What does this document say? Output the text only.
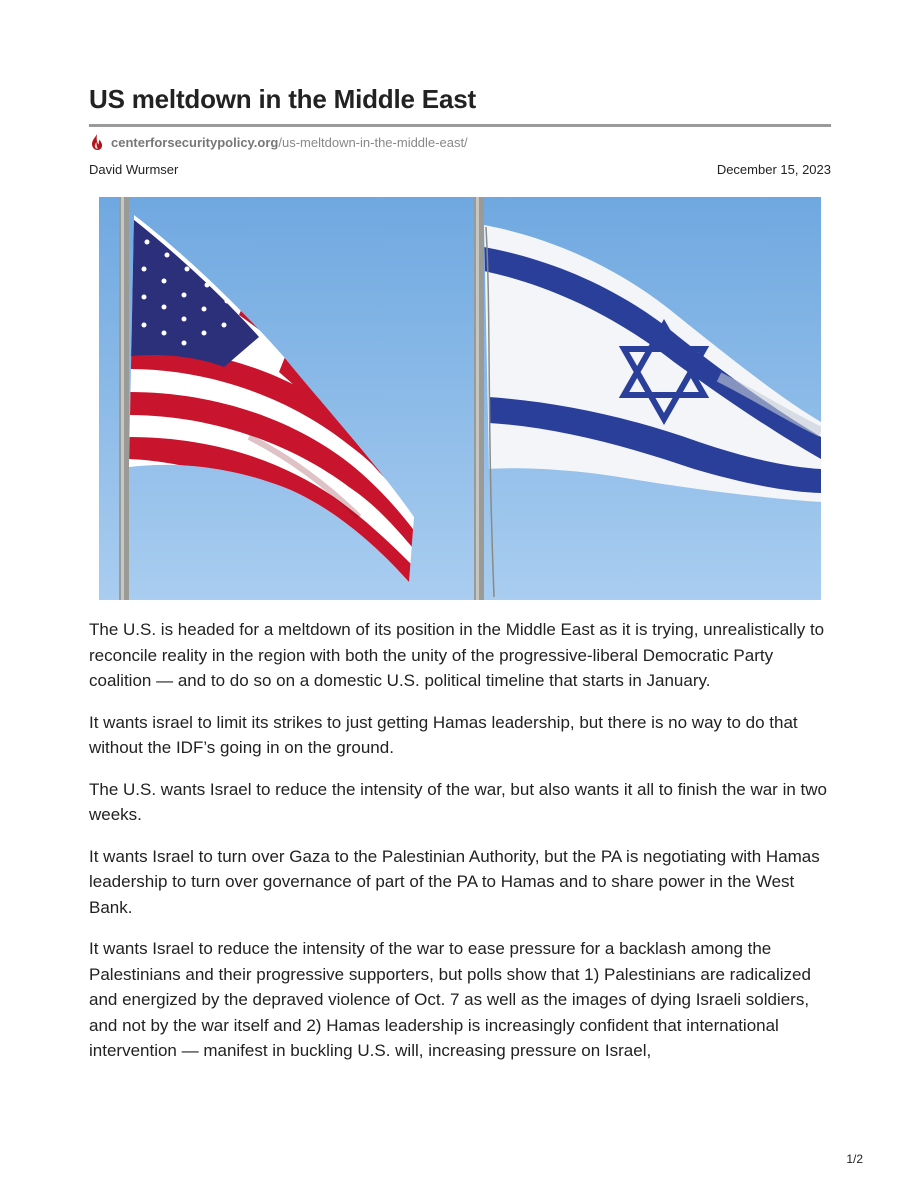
US meltdown in the Middle East
centerforsecuritypolicy.org /us-meltdown-in-the-middle-east/
David Wurmser	December 15, 2023

The U.S. is headed for a meltdown of its position in the Middle East as it is trying, unrealistically to reconcile reality in the region with both the unity of the progressive-liberal Democratic Party coalition — and to do so on a domestic U.S. political timeline that starts in January.

It wants israel to limit its strikes to just getting Hamas leadership, but there is no way to do that without the IDF’s going in on the ground.

The U.S. wants Israel to reduce the intensity of the war, but also wants it all to finish the war in two weeks.

It wants Israel to turn over Gaza to the Palestinian Authority, but the PA is negotiating with Hamas leadership to turn over governance of part of the PA to Hamas and to share power in the West Bank.

It wants Israel to reduce the intensity of the war to ease pressure for a backlash among the Palestinians and their progressive supporters, but polls show that 1) Palestinians are radicalized and energized by the depraved violence of Oct. 7 as well as the images of dying Israeli soldiers, and not by the war itself and 2) Hamas leadership is increasingly confident that international intervention — manifest in buckling U.S. will, increasing pressure on Israel,

1/2
